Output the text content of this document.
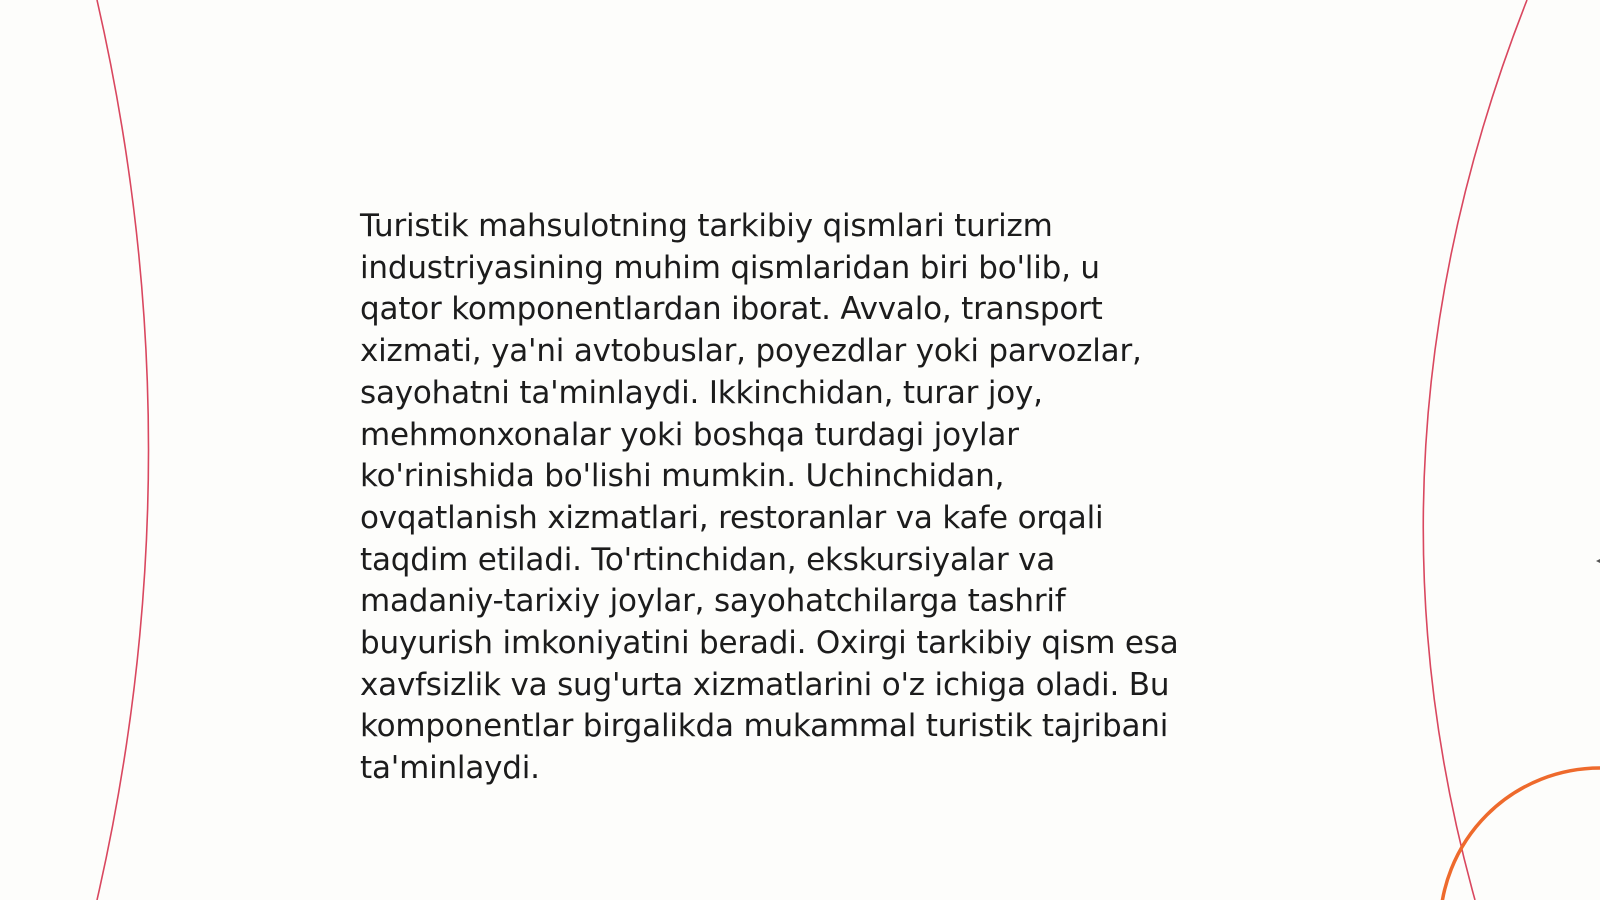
Turistik mahsulotning tarkibiy qismlari turizm
industriyasining muhim qismlaridan biri bo'lib, u
qator komponentlardan iborat. Avvalo, transport
xizmati, ya'ni avtobuslar, poyezdlar yoki parvozlar,
sayohatni ta'minlaydi. Ikkinchidan, turar joy,
mehmonxonalar yoki boshqa turdagi joylar
ko'rinishida bo'lishi mumkin. Uchinchidan,
ovqatlanish xizmatlari, restoranlar va kafe orqali
taqdim etiladi. To'rtinchidan, ekskursiyalar va
madaniy-tarixiy joylar, sayohatchilarga tashrif
buyurish imkoniyatini beradi. Oxirgi tarkibiy qism esa
xavfsizlik va sug'urta xizmatlarini o'z ichiga oladi. Bu
komponentlar birgalikda mukammal turistik tajribani
ta'minlaydi.
